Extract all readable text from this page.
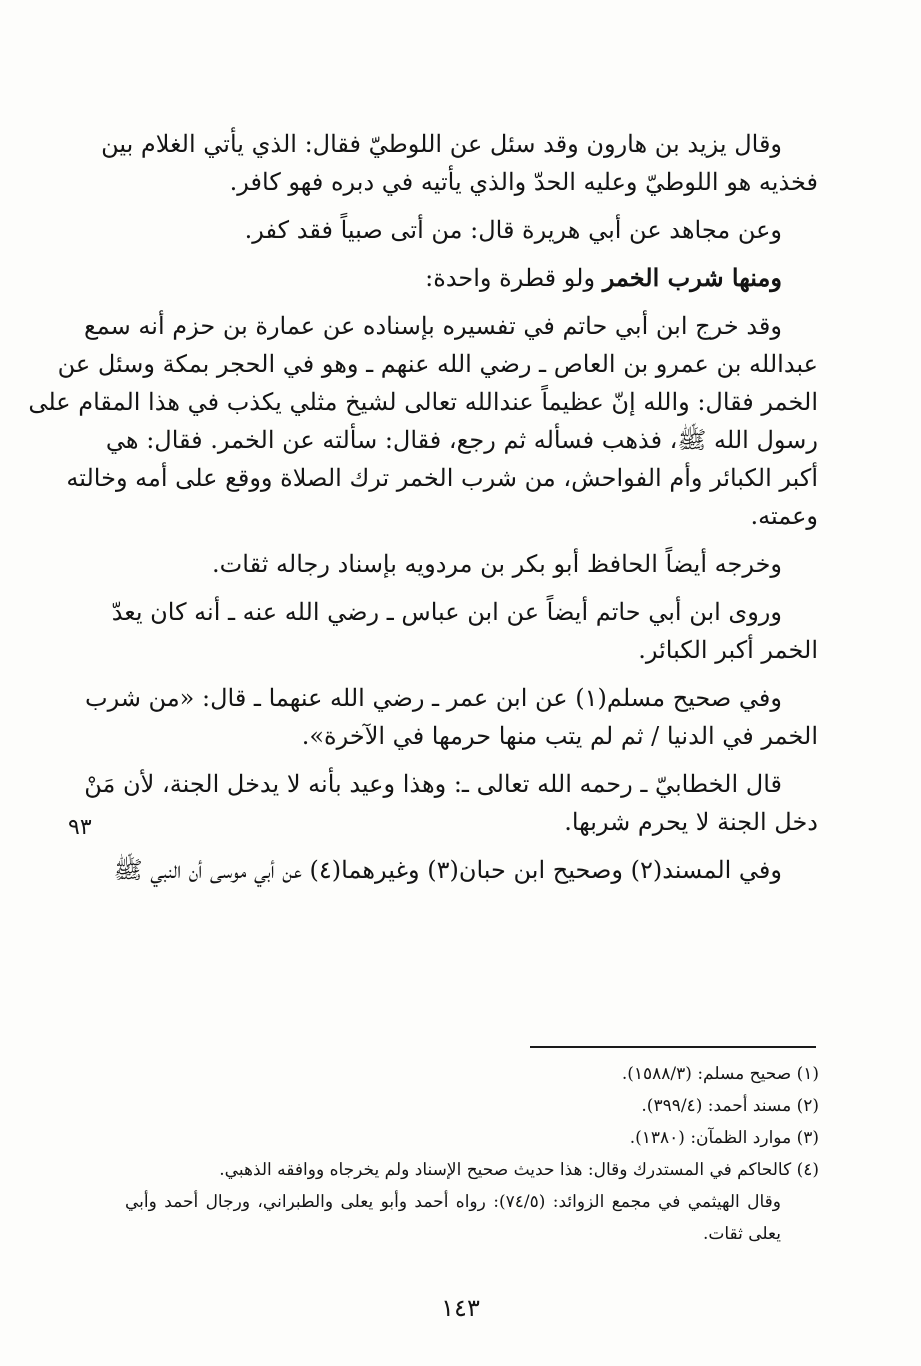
وقال يزيد بن هارون وقد سئل عن اللوطيّ فقال: الذي يأتي الغلام بين
فخذيه هو اللوطيّ وعليه الحدّ والذي يأتيه في دبره فهو كافر.
وعن مجاهد عن أبي هريرة قال: من أتى صبياً فقد كفر.
ومنها شرب الخمر ولو قطرة واحدة:
وقد خرج ابن أبي حاتم في تفسيره بإسناده عن عمارة بن حزم أنه سمع
عبدالله بن عمرو بن العاص ـ رضي الله عنهم ـ وهو في الحجر بمكة وسئل عن
الخمر فقال: والله إنّ عظيماً عندالله تعالى لشيخ مثلي يكذب في هذا المقام على
رسول الله ﷺ، فذهب فسأله ثم رجع، فقال: سألته عن الخمر. فقال: هي
أكبر الكبائر وأم الفواحش، من شرب الخمر ترك الصلاة ووقع على أمه وخالته
وعمته.
وخرجه أيضاً الحافظ أبو بكر بن مردويه بإسناد رجاله ثقات.
وروى ابن أبي حاتم أيضاً عن ابن عباس ـ رضي الله عنه ـ أنه كان يعدّ
الخمر أكبر الكبائر.
وفي صحيح مسلم(١) عن ابن عمر ـ رضي الله عنهما ـ قال: «من شرب
الخمر في الدنيا / ثم لم يتب منها حرمها في الآخرة».
قال الخطابيّ ـ رحمه الله تعالى ـ: وهذا وعيد بأنه لا يدخل الجنة، لأن مَنْ
دخل الجنة لا يحرم شربها.
وفي المسند(٢) وصحيح ابن حبان(٣) وغيرهما(٤) عن أبي موسى أن النبي ﷺ
٩٣
(١) صحيح مسلم: (١٥٨٨/٣).
(٢) مسند أحمد: (٣٩٩/٤).
(٣) موارد الظمآن: (١٣٨٠).
(٤) كالحاكم في المستدرك وقال: هذا حديث صحيح الإسناد ولم يخرجاه ووافقه الذهبي.
وقال الهيثمي في مجمع الزوائد: (٧٤/٥): رواه أحمد وأبو يعلى والطبراني، ورجال أحمد وأبي
يعلى ثقات.
١٤٣
